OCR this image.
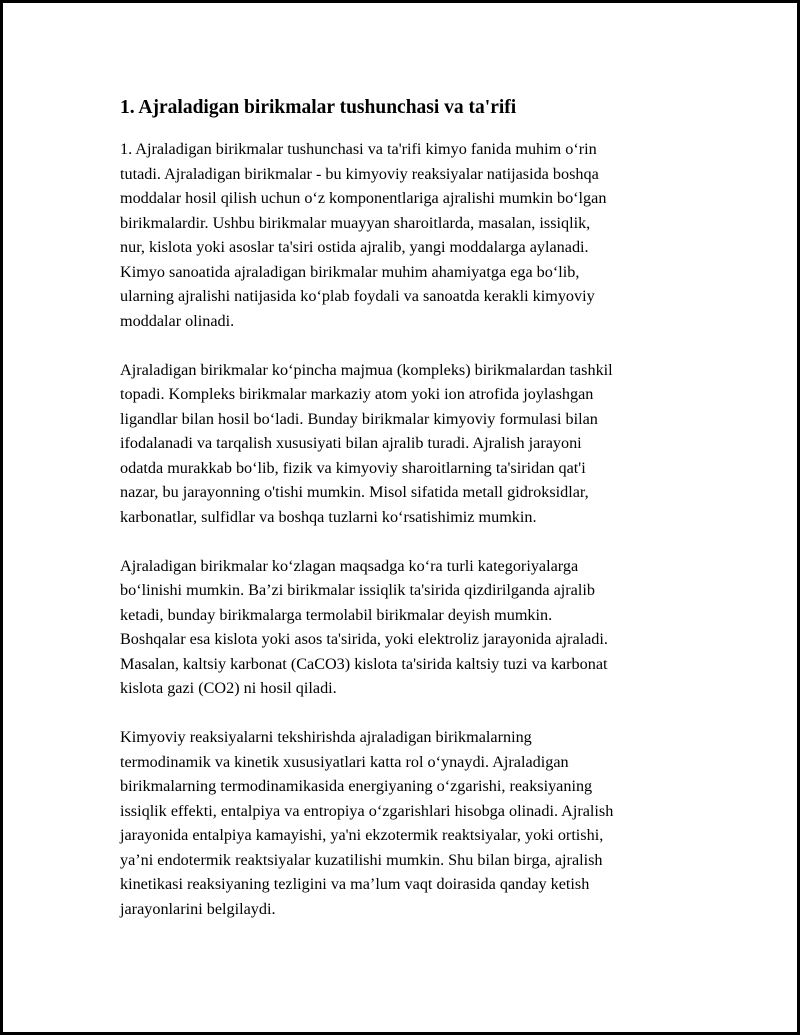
1. Ajraladigan birikmalar tushunchasi va ta'rifi

1. Ajraladigan birikmalar tushunchasi va ta'rifi kimyo fanida muhim oʻrin
tutadi. Ajraladigan birikmalar - bu kimyoviy reaksiyalar natijasida boshqa
moddalar hosil qilish uchun oʻz komponentlariga ajralishi mumkin boʻlgan
birikmalardir. Ushbu birikmalar muayyan sharoitlarda, masalan, issiqlik,
nur, kislota yoki asoslar ta'siri ostida ajralib, yangi moddalarga aylanadi.
Kimyo sanoatida ajraladigan birikmalar muhim ahamiyatga ega boʻlib,
ularning ajralishi natijasida koʻplab foydali va sanoatda kerakli kimyoviy
moddalar olinadi.

Ajraladigan birikmalar koʻpincha majmua (kompleks) birikmalardan tashkil
topadi. Kompleks birikmalar markaziy atom yoki ion atrofida joylashgan
ligandlar bilan hosil boʻladi. Bunday birikmalar kimyoviy formulasi bilan
ifodalanadi va tarqalish xususiyati bilan ajralib turadi. Ajralish jarayoni
odatda murakkab boʻlib, fizik va kimyoviy sharoitlarning ta'siridan qat'i
nazar, bu jarayonning o'tishi mumkin. Misol sifatida metall gidroksidlar,
karbonatlar, sulfidlar va boshqa tuzlarni koʻrsatishimiz mumkin.

Ajraladigan birikmalar koʻzlagan maqsadga koʻra turli kategoriyalarga
boʻlinishi mumkin. Baʼzi birikmalar issiqlik ta'sirida qizdirilganda ajralib
ketadi, bunday birikmalarga termolabil birikmalar deyish mumkin.
Boshqalar esa kislota yoki asos ta'sirida, yoki elektroliz jarayonida ajraladi.
Masalan, kaltsiy karbonat (CaCO3) kislota ta'sirida kaltsiy tuzi va karbonat
kislota gazi (CO2) ni hosil qiladi.

Kimyoviy reaksiyalarni tekshirishda ajraladigan birikmalarning
termodinamik va kinetik xususiyatlari katta rol oʻynaydi. Ajraladigan
birikmalarning termodinamikasida energiyaning oʻzgarishi, reaksiyaning
issiqlik effekti, entalpiya va entropiya oʻzgarishlari hisobga olinadi. Ajralish
jarayonida entalpiya kamayishi, ya'ni ekzotermik reaktsiyalar, yoki ortishi,
yaʼni endotermik reaktsiyalar kuzatilishi mumkin. Shu bilan birga, ajralish
kinetikasi reaksiyaning tezligini va maʼlum vaqt doirasida qanday ketish
jarayonlarini belgilaydi.
